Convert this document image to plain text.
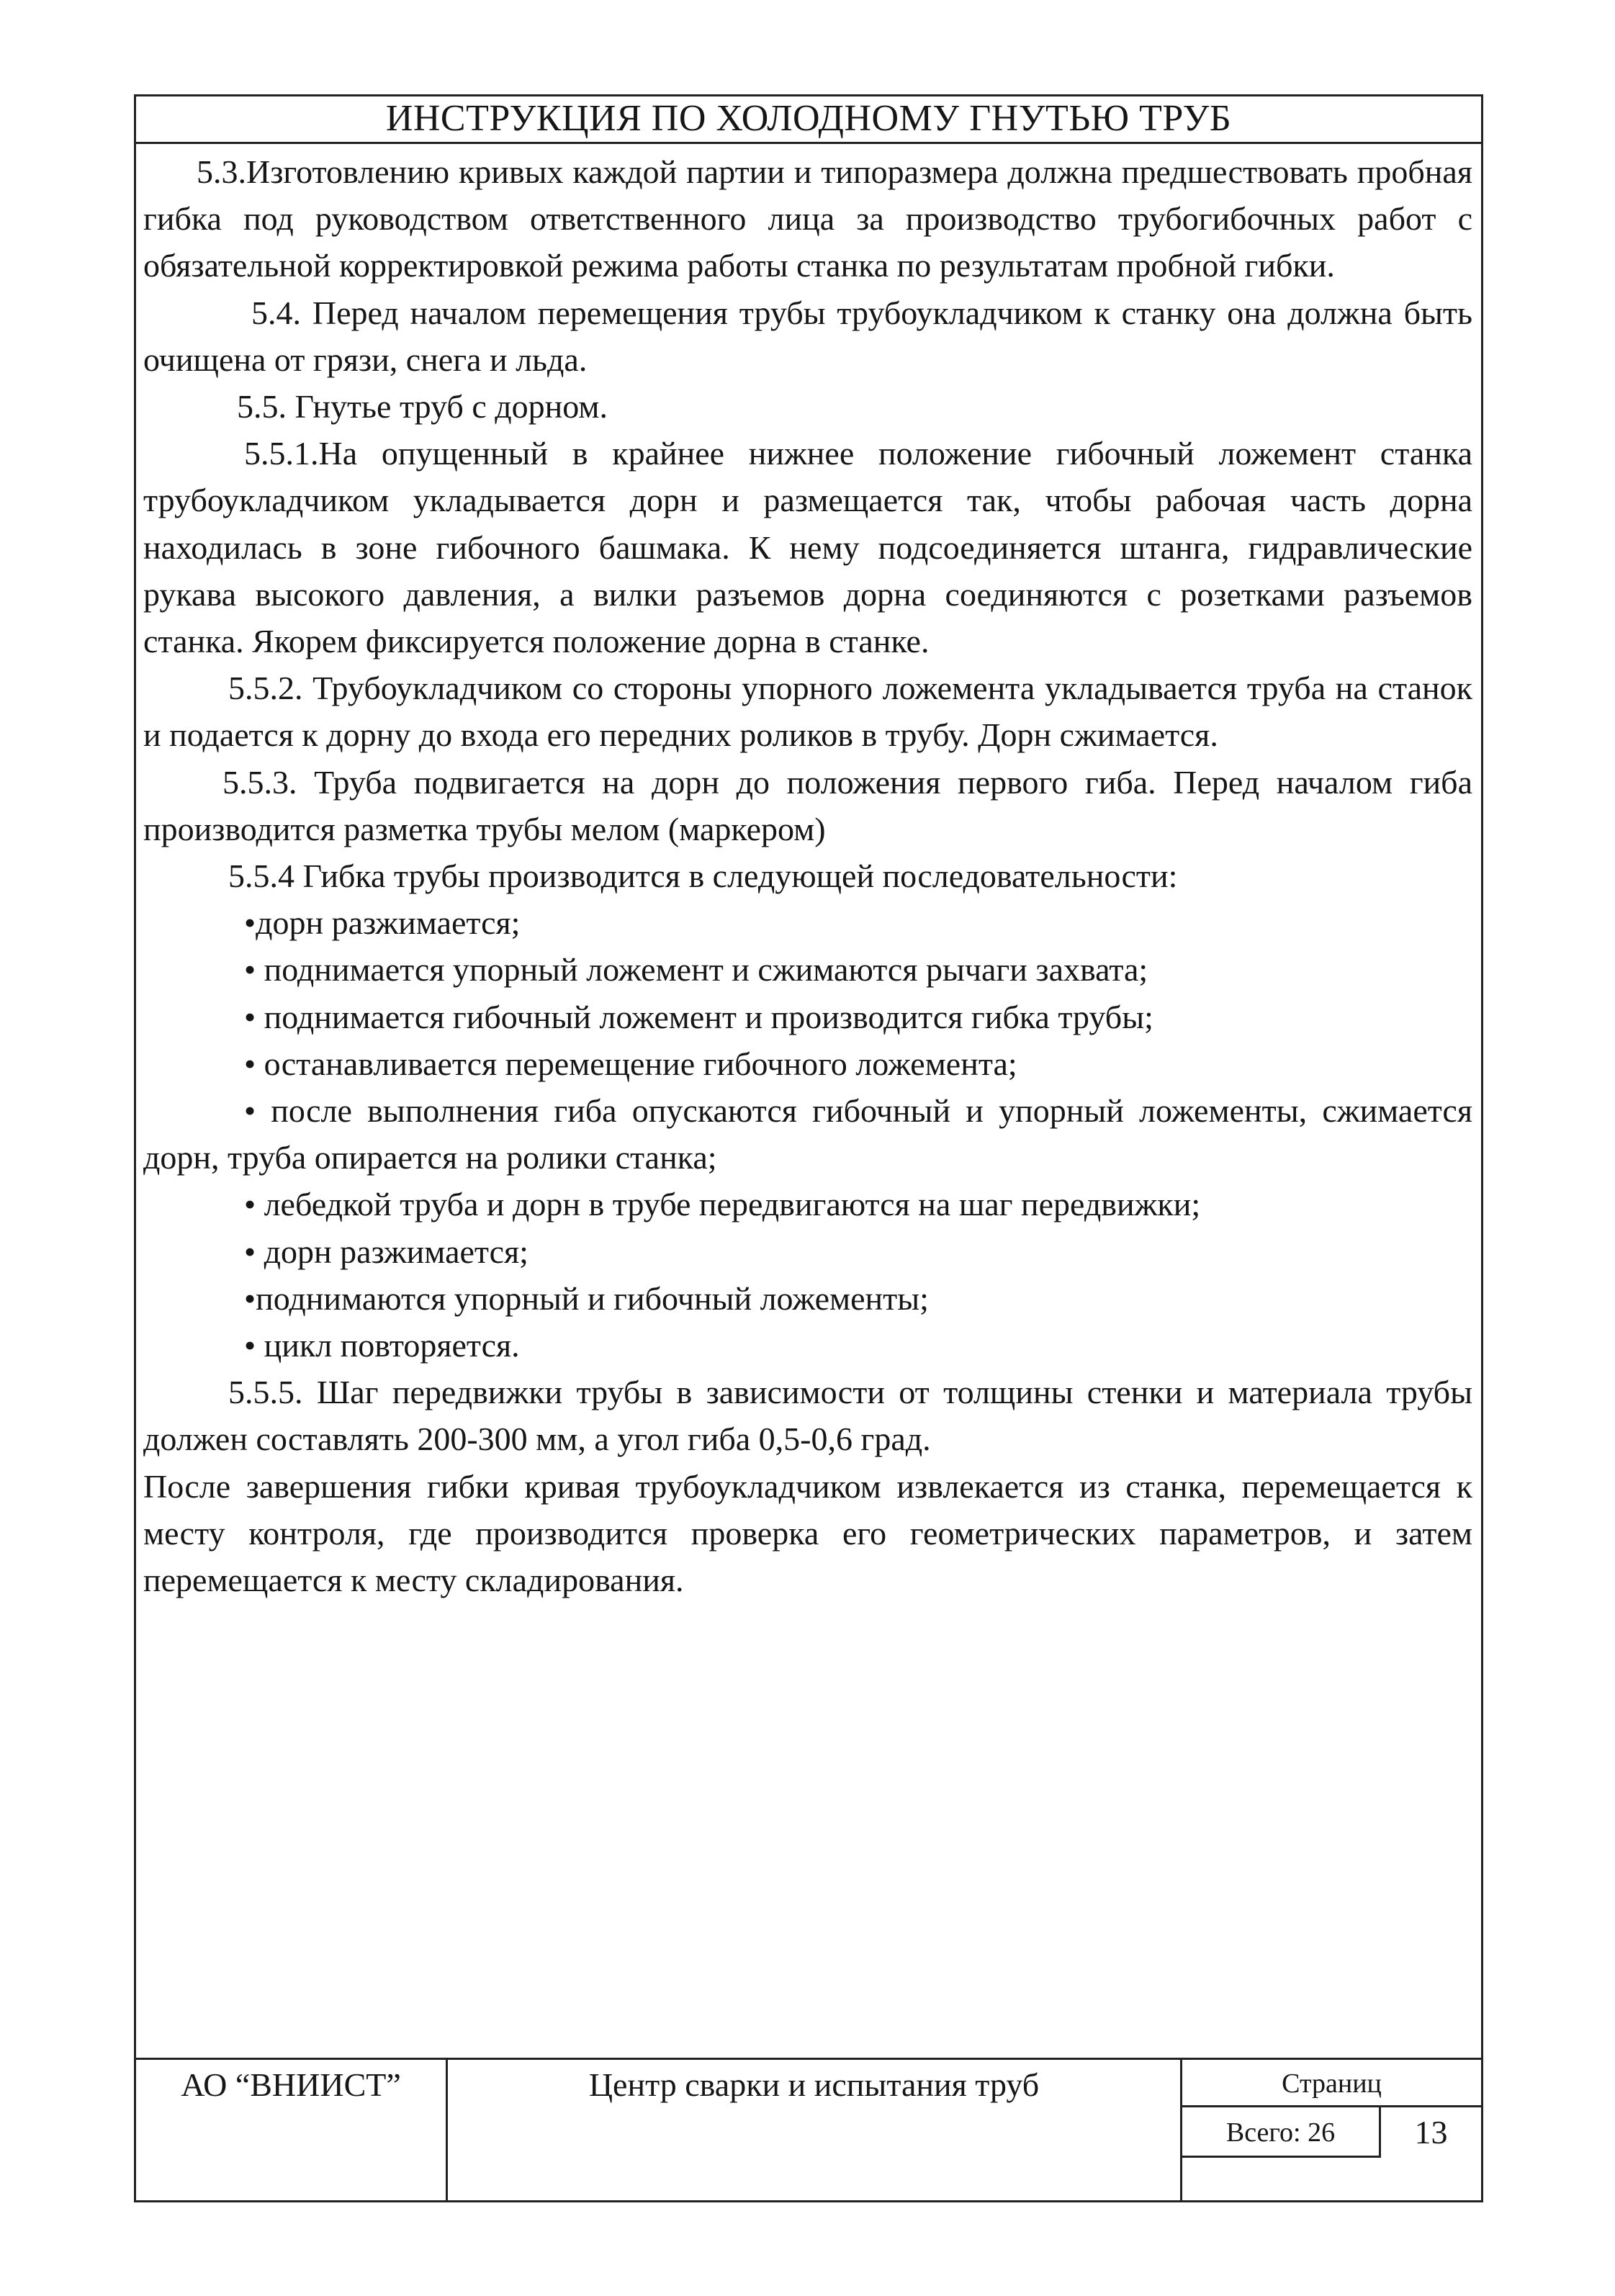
ИНСТРУКЦИЯ ПО ХОЛОДНОМУ ГНУТЬЮ ТРУБ

5.3.Изготовлению кривых каждой партии и типоразмера должна предшествовать пробная гибка под руководством ответственного лица за производство трубогибочных работ с обязательной корректировкой режима работы станка по результатам пробной гибки.

5.4. Перед началом перемещения трубы трубоукладчиком к станку она должна быть очищена от грязи, снега и льда.

5.5. Гнутье труб с дорном.

5.5.1.На опущенный в крайнее нижнее положение гибочный ложемент станка трубоукладчиком укладывается дорн и размещается так, чтобы рабочая часть дорна находилась в зоне гибочного башмака. К нему подсоединяется штанга, гидравлические рукава высокого давления, а вилки разъемов дорна соединяются с розетками разъемов станка. Якорем фиксируется положение дорна в станке.

5.5.2. Трубоукладчиком со стороны упорного ложемента укладывается труба на станок и подается к дорну до входа его передних роликов в трубу. Дорн сжимается.

5.5.3. Труба подвигается на дорн до положения первого гиба. Перед началом гиба производится разметка трубы мелом (маркером)

5.5.4 Гибка трубы производится в следующей последовательности:

•дорн разжимается;

• поднимается упорный ложемент и сжимаются рычаги захвата;

• поднимается гибочный ложемент и производится гибка трубы;

• останавливается перемещение гибочного ложемента;

• после выполнения гиба опускаются гибочный и упорный ложементы, сжимается дорн, труба опирается на ролики станка;

• лебедкой труба и дорн в трубе передвигаются на шаг передвижки;

• дорн разжимается;

•поднимаются упорный и гибочный ложементы;

• цикл повторяется.

5.5.5. Шаг передвижки трубы в зависимости от толщины стенки и материала трубы должен составлять 200-300 мм, а угол гиба 0,5-0,6 град.

После завершения гибки кривая трубоукладчиком извлекается из станка, перемещается к месту контроля, где производится проверка его геометрических параметров, и затем перемещается к месту складирования.

АО “ВНИИСТ”	Центр сварки и испытания труб	Страниц
Всего: 26	13
